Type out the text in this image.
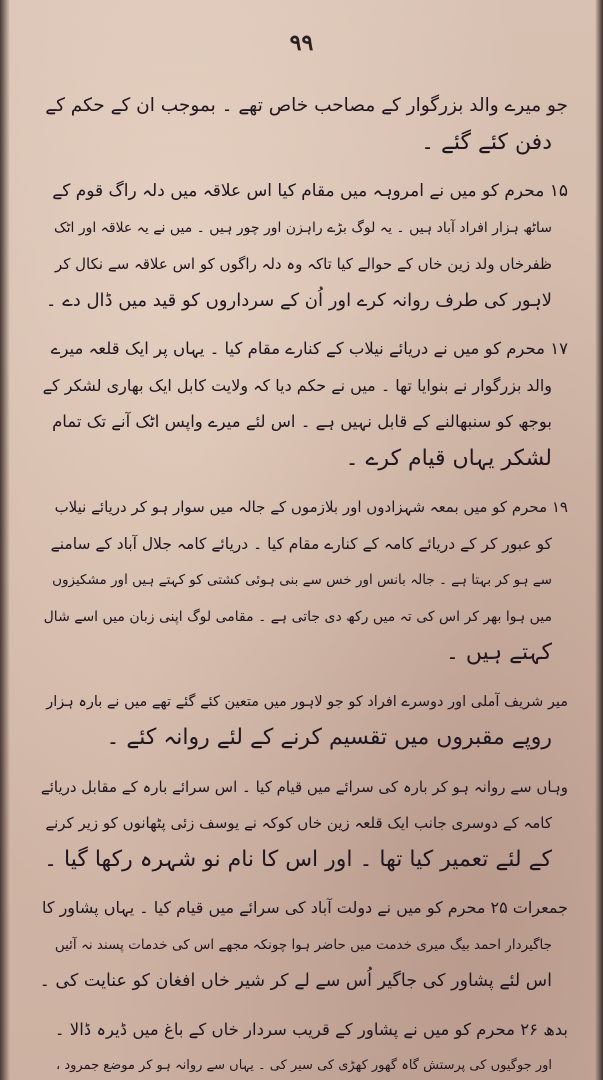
۹۹
جو میرے والد بزرگوار کے مصاحب خاص تھے ۔ بموجب ان کے حکم کے
دفن کئے گئے ۔
۱۵ محرم کو میں نے امروہہ میں مقام کیا اس علاقہ میں دلہ راگ قوم کے
ساٹھ ہزار افراد آباد ہیں ۔ یہ لوگ بڑے راہزن اور چور ہیں ۔ میں نے یہ علاقہ اور اٹک
ظفرخاں ولد زین خاں کے حوالے کیا تاکہ وہ دلہ راگوں کو اس علاقہ سے نکال کر
لاہور کی طرف روانہ کرے اور اُن کے سرداروں کو قید میں ڈال دے ۔
۱۷ محرم کو میں نے دریائے نیلاب کے کنارے مقام کیا ۔ یہاں پر ایک قلعہ میرے
والد بزرگوار نے بنوایا تھا ۔ میں نے حکم دیا کہ ولایت کابل ایک بھاری لشکر کے
بوجھ کو سنبھالنے کے قابل نہیں ہے ۔ اس لئے میرے واپس اٹک آنے تک تمام
لشکر یہاں قیام کرے ۔
۱۹ محرم کو میں بمعہ شہزادوں اور بلازموں کے جالہ میں سوار ہو کر دریائے نیلاب
کو عبور کر کے دریائے کامہ کے کنارے مقام کیا ۔ دریائے کامہ جلال آباد کے سامنے
سے ہو کر بہتا ہے ۔ جالہ بانس اور خس سے بنی ہوئی کشتی کو کہتے ہیں اور مشکیزوں
میں ہوا بھر کر اس کی تہ میں رکھ دی جاتی ہے ۔ مقامی لوگ اپنی زبان میں اسے شال
کہتے ہیں ۔
میر شریف آملی اور دوسرے افراد کو جو لاہور میں متعین کئے گئے تھے میں نے بارہ ہزار
روپے مقبروں میں تقسیم کرنے کے لئے روانہ کئے ۔
وہاں سے روانہ ہو کر بارہ کی سرائے میں قیام کیا ۔ اس سرائے بارہ کے مقابل دریائے
کامہ کے دوسری جانب ایک قلعہ زین خاں کوکہ نے یوسف زئی پٹھانوں کو زیر کرنے
کے لئے تعمیر کیا تھا ۔ اور اس کا نام نو شہرہ رکھا گیا ۔
جمعرات ۲۵ محرم کو میں نے دولت آباد کی سرائے میں قیام کیا ۔ یہاں پشاور کا
جاگیردار احمد بیگ میری خدمت میں حاضر ہوا چونکہ مجھے اس کی خدمات پسند نہ آئیں
اس لئے پشاور کی جاگیر اُس سے لے کر شیر خاں افغان کو عنایت کی ۔
بدھ ۲۶ محرم کو میں نے پشاور کے قریب سردار خاں کے باغ میں ڈیرہ ڈالا ۔
اور جوگیوں کی پرستش گاہ گھور کھڑی کی سیر کی ۔ یہاں سے روانہ ہو کر موضع جمرود ،
